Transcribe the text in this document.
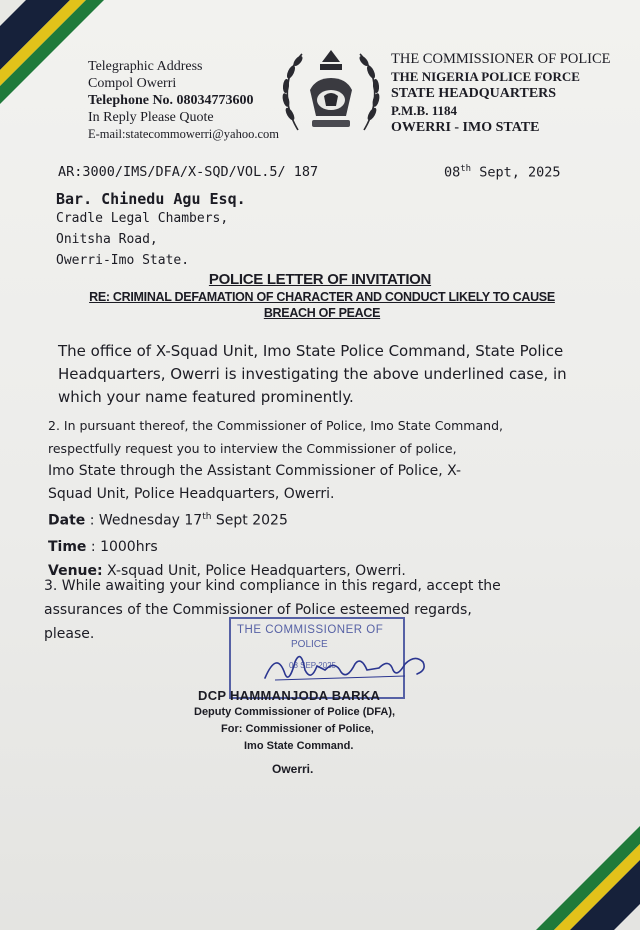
Telegraphic Address
Compol Owerri
Telephone No. 08034773600
In Reply Please Quote
E-mail:statecommowerri@yahoo.com
THE COMMISSIONER OF POLICE
THE NIGERIA POLICE FORCE
STATE HEADQUARTERS
P.M.B. 1184
OWERRI - IMO STATE
AR:3000/IMS/DFA/X-SQD/VOL.5/ 187	08th Sept, 2025
Bar. Chinedu Agu Esq.
Cradle Legal Chambers,
Onitsha Road,
Owerri-Imo State.
POLICE LETTER OF INVITATION
RE: CRIMINAL DEFAMATION OF CHARACTER AND CONDUCT LIKELY TO CAUSE BREACH OF PEACE
The office of X-Squad Unit, Imo State Police Command, State Police Headquarters, Owerri is investigating the above underlined case, in which your name featured prominently.
2. In pursuant thereof, the Commissioner of Police, Imo State Command,
respectfully request you to interview the Commissioner of police,
Imo State through the Assistant Commissioner of Police, X-
Squad Unit, Police Headquarters, Owerri.
Date : Wednesday 17th Sept 2025
Time : 1000hrs
Venue: X-squad Unit, Police Headquarters, Owerri.
3. While awaiting your kind compliance in this regard, accept the
assurances of the Commissioner of Police esteemed regards,
please.	THE COMMISSIONER OF
POLICE
08 SEP 2025
DCP HAMMANJODA BARKA
Deputy Commissioner of Police (DFA),
For: Commissioner of Police,
Imo State Command.
Owerri.
